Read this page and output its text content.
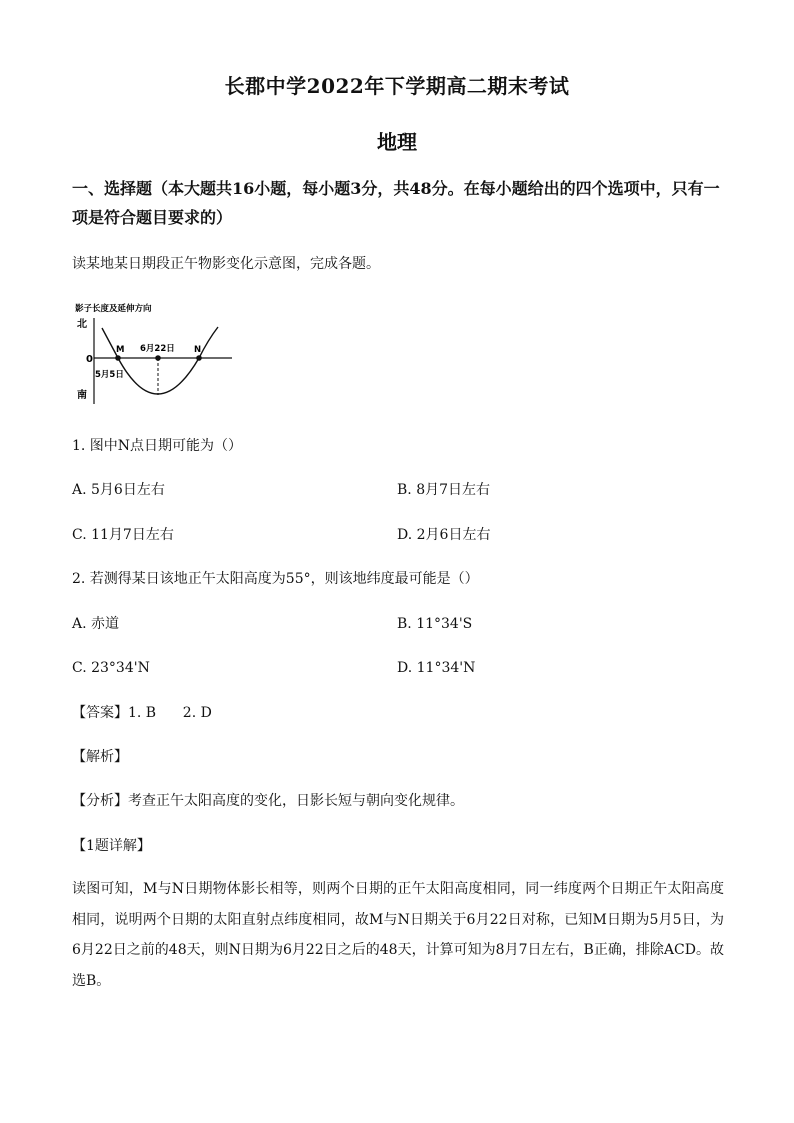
长郡中学2022年下学期高二期末考试
地理
一、选择题（本大题共16小题，每小题3分，共48分。在每小题给出的四个选项中，只有一项是符合题目要求的）
读某地某日期段正午物影变化示意图，完成各题。
影子长度及延伸方向
北
0
南
M 6月22日 N
5月5日
1. 图中N点日期可能为（）
A. 5月6日左右	B. 8月7日左右
C. 11月7日左右	D. 2月6日左右
2. 若测得某日该地正午太阳高度为55°，则该地纬度最可能是（）
A. 赤道	B. 11°34'S
C. 23°34'N	D. 11°34'N
【答案】1. B      2. D
【解析】
【分析】考查正午太阳高度的变化，日影长短与朝向变化规律。
【1题详解】
读图可知，M与N日期物体影长相等，则两个日期的正午太阳高度相同，同一纬度两个日期正午太阳高度相同，说明两个日期的太阳直射点纬度相同，故M与N日期关于6月22日对称，已知M日期为5月5日，为6月22日之前的48天，则N日期为6月22日之后的48天，计算可知为8月7日左右，B正确，排除ACD。故选B。
